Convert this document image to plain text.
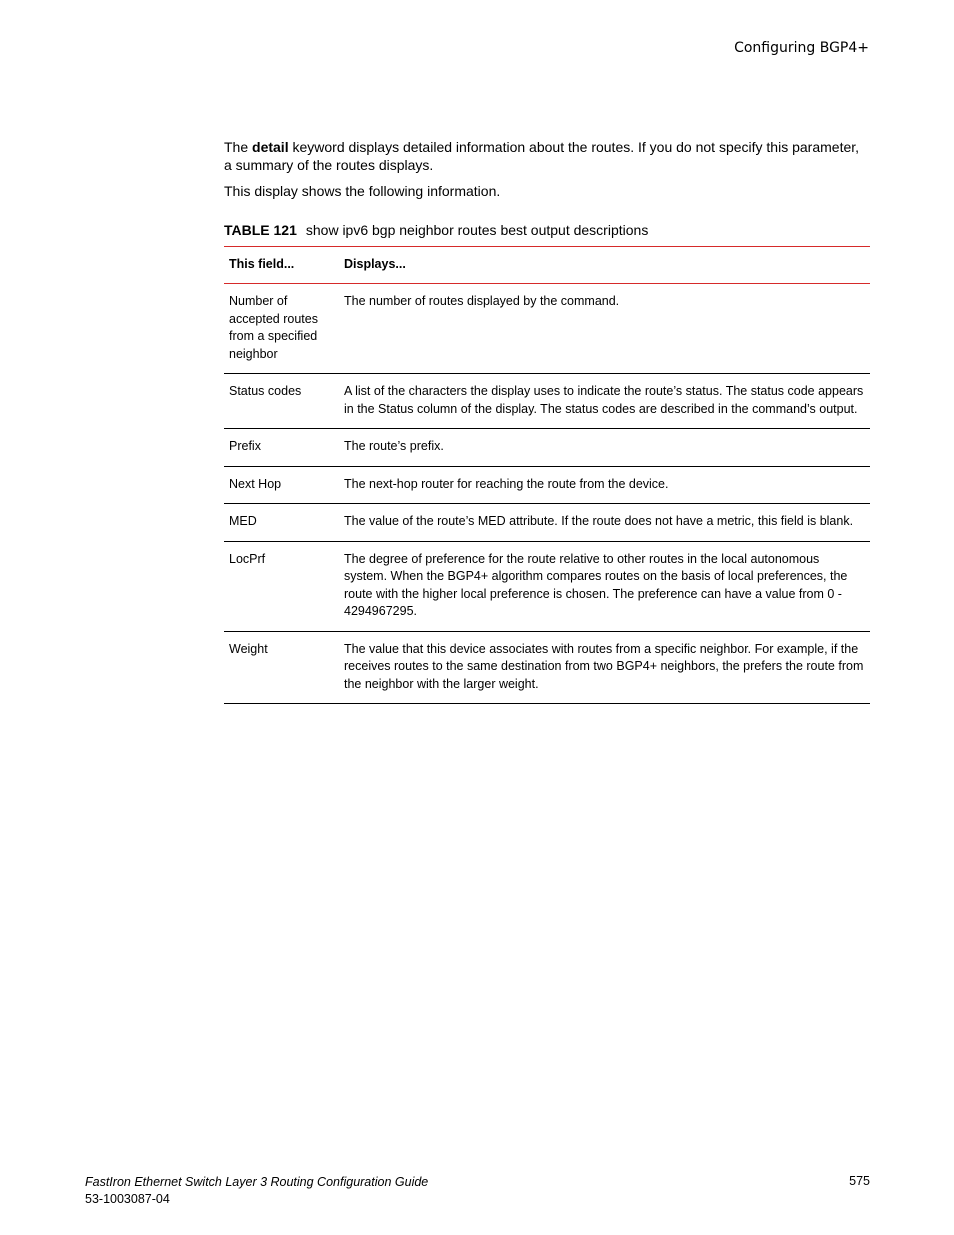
Configuring BGP4+

The detail keyword displays detailed information about the routes. If you do not specify this parameter, a summary of the routes displays.

This display shows the following information.

TABLE 121 show ipv6 bgp neighbor routes best output descriptions
This field...	Displays...
Number of accepted routes from a specified neighbor	The number of routes displayed by the command.
Status codes	A list of the characters the display uses to indicate the route’s status. The status code appears in the Status column of the display. The status codes are described in the command’s output.
Prefix	The route’s prefix.
Next Hop	The next-hop router for reaching the route from the device.
MED	The value of the route’s MED attribute. If the route does not have a metric, this field is blank.
LocPrf	The degree of preference for the route relative to other routes in the local autonomous system. When the BGP4+ algorithm compares routes on the basis of local preferences, the route with the higher local preference is chosen. The preference can have a value from 0 - 4294967295.
Weight	The value that this device associates with routes from a specific neighbor. For example, if the receives routes to the same destination from two BGP4+ neighbors, the prefers the route from the neighbor with the larger weight.
FastIron Ethernet Switch Layer 3 Routing Configuration Guide
53-1003087-04
575
